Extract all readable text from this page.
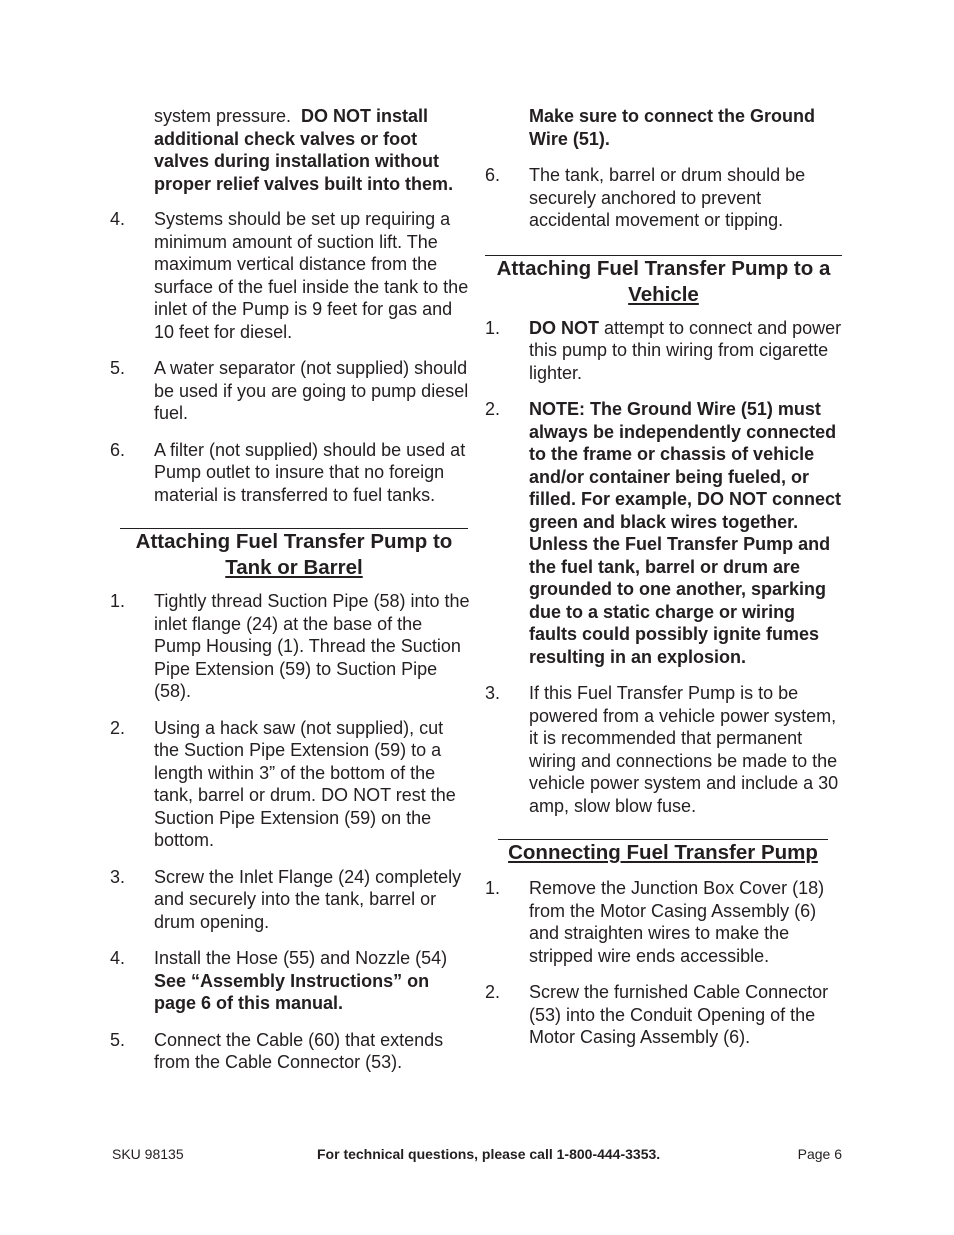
system pressure.  DO NOT install additional check valves or foot valves during installation without proper relief valves built into them.
4.	Systems should be set up requiring a minimum amount of suction lift. The maximum vertical distance from the surface of the fuel inside the tank to the inlet of the Pump is 9 feet for gas and 10 feet for diesel.
5.	A water separator (not supplied) should be used if you are going to pump diesel fuel.
6.	A filter (not supplied) should be used at Pump outlet to insure that no foreign material is transferred to fuel tanks.
Attaching Fuel Transfer Pump to
Tank or Barrel
1.	Tightly thread Suction Pipe (58) into the inlet flange (24) at the base of the Pump Housing (1). Thread the Suction Pipe Extension (59) to Suction Pipe (58).
2.	Using a hack saw (not supplied), cut the Suction Pipe Extension (59) to a length within 3” of the bottom of the tank, barrel or drum. DO NOT rest the Suction Pipe Extension (59) on the bottom.
3.	Screw the Inlet Flange (24) completely and securely into the tank, barrel or drum opening.
4.	Install the Hose (55) and Nozzle (54)
See “Assembly Instructions” on page 6 of this manual.
5.	Connect the Cable (60) that extends from the Cable Connector (53).
Make sure to connect the Ground Wire (51).
6.	The tank, barrel or drum should be securely anchored to prevent accidental movement or tipping.
Attaching Fuel Transfer Pump to a
Vehicle
1.	DO NOT attempt to connect and power this pump to thin wiring from cigarette lighter.
2.	NOTE: The Ground Wire (51) must always be independently connected to the frame or chassis of vehicle and/or container being fueled, or filled. For example, DO NOT connect green and black wires together. Unless the Fuel Transfer Pump and the fuel tank, barrel or drum are grounded to one another, sparking due to a static charge or wiring faults could possibly ignite fumes resulting in an explosion.
3.	If this Fuel Transfer Pump is to be powered from a vehicle power system, it is recommended that permanent wiring and connections be made to the vehicle power system and include a 30 amp, slow blow fuse.
Connecting Fuel Transfer Pump
1.	Remove the Junction Box Cover (18) from the Motor Casing Assembly (6) and straighten wires to make the stripped wire ends accessible.
2.	Screw the furnished Cable Connector (53) into the Conduit Opening of the Motor Casing Assembly (6).
SKU 98135	For technical questions, please call 1-800-444-3353.	Page 6
